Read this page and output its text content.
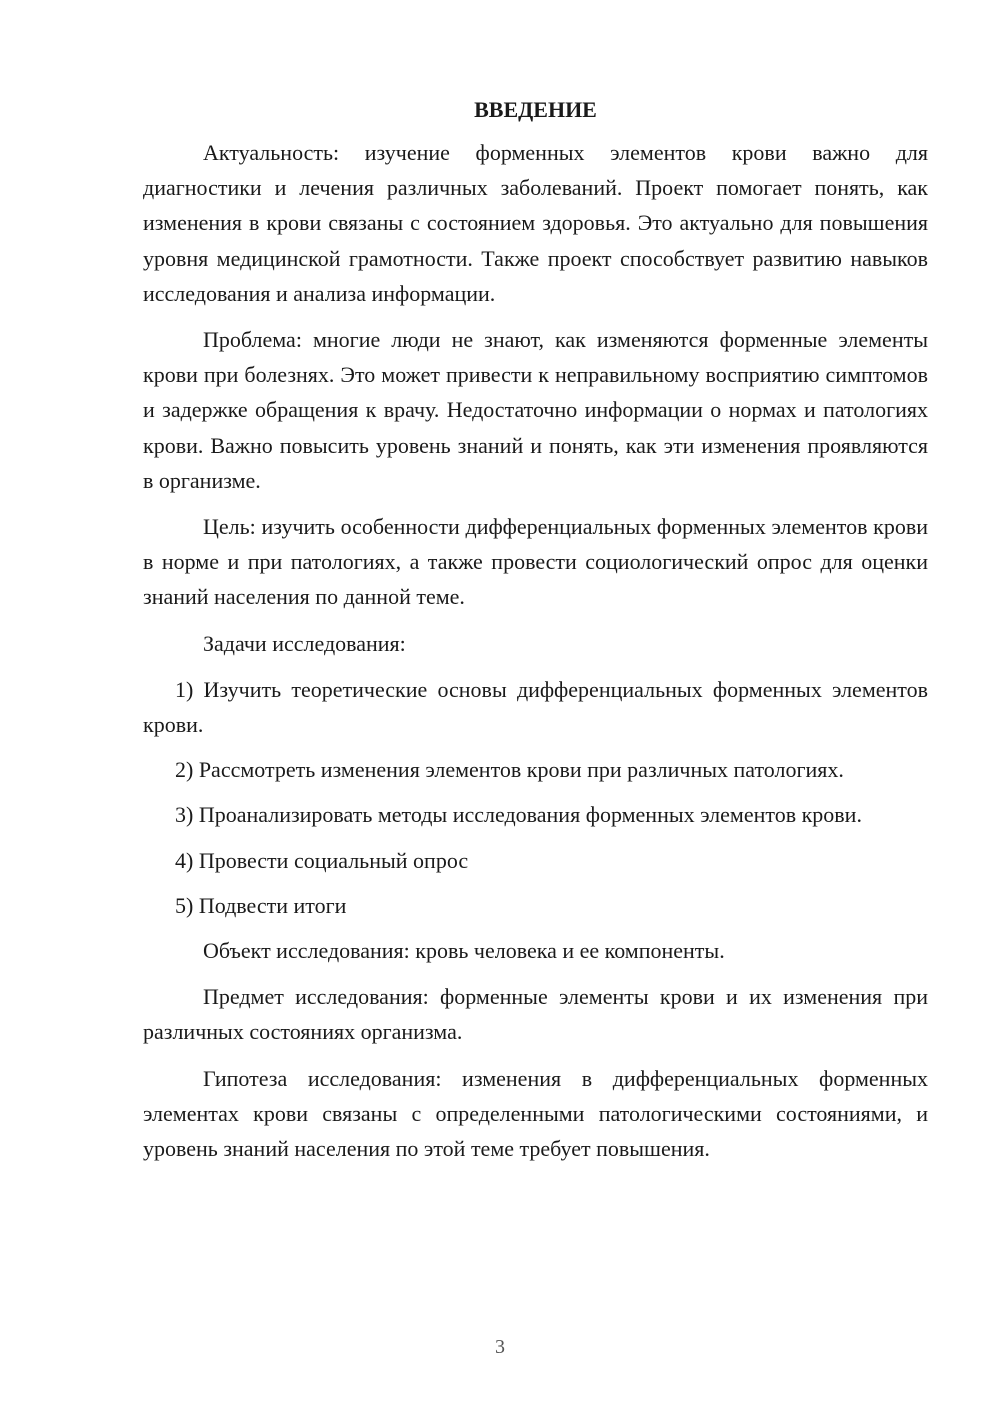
ВВЕДЕНИЕ

Актуальность: изучение форменных элементов крови важно для диагностики и лечения различных заболеваний. Проект помогает понять, как изменения в крови связаны с состоянием здоровья. Это актуально для повышения уровня медицинской грамотности. Также проект способствует развитию навыков исследования и анализа информации.

Проблема: многие люди не знают, как изменяются форменные элементы крови при болезнях. Это может привести к неправильному восприятию симптомов и задержке обращения к врачу. Недостаточно информации о нормах и патологиях крови. Важно повысить уровень знаний и понять, как эти изменения проявляются в организме.

Цель: изучить особенности дифференциальных форменных элементов крови в норме и при патологиях, а также провести социологический опрос для оценки знаний населения по данной теме.

Задачи исследования:

1) Изучить теоретические основы дифференциальных форменных элементов крови.

2) Рассмотреть изменения элементов крови при различных патологиях.

3) Проанализировать методы исследования форменных элементов крови.

4) Провести социальный опрос

5) Подвести итоги

Объект исследования: кровь человека и ее компоненты.

Предмет исследования: форменные элементы крови и их изменения при различных состояниях организма.

Гипотеза исследования: изменения в дифференциальных форменных элементах крови связаны с определенными патологическими состояниями, и уровень знаний населения по этой теме требует повышения.

3
